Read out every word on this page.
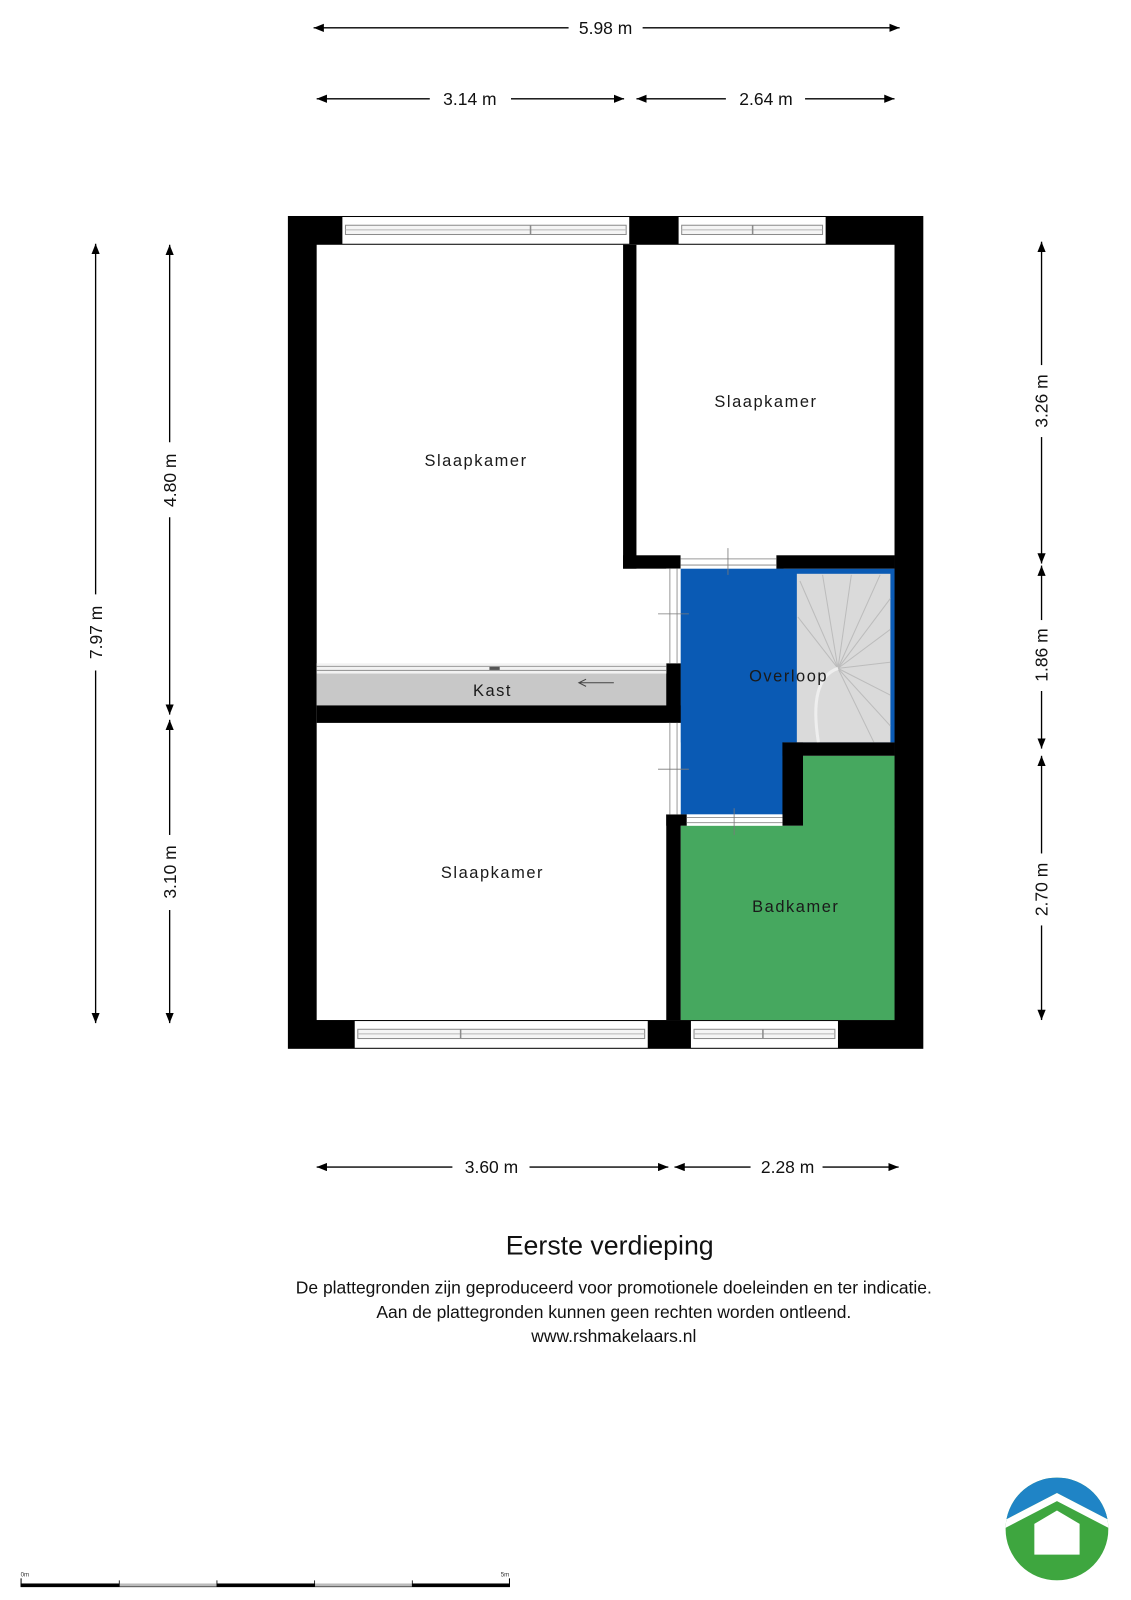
5.98 m
3.14 m	2.64 m
7.97 m
4.80 m
3.10 m
3.26 m
1.86 m
2.70 m
3.60 m	2.28 m
Slaapkamer
Slaapkamer
Kast
Overloop
Slaapkamer
Badkamer
Eerste verdieping
De plattegronden zijn geproduceerd voor promotionele doeleinden en ter indicatie.
Aan de plattegronden kunnen geen rechten worden ontleend.
www.rshmakelaars.nl
0m	5m
